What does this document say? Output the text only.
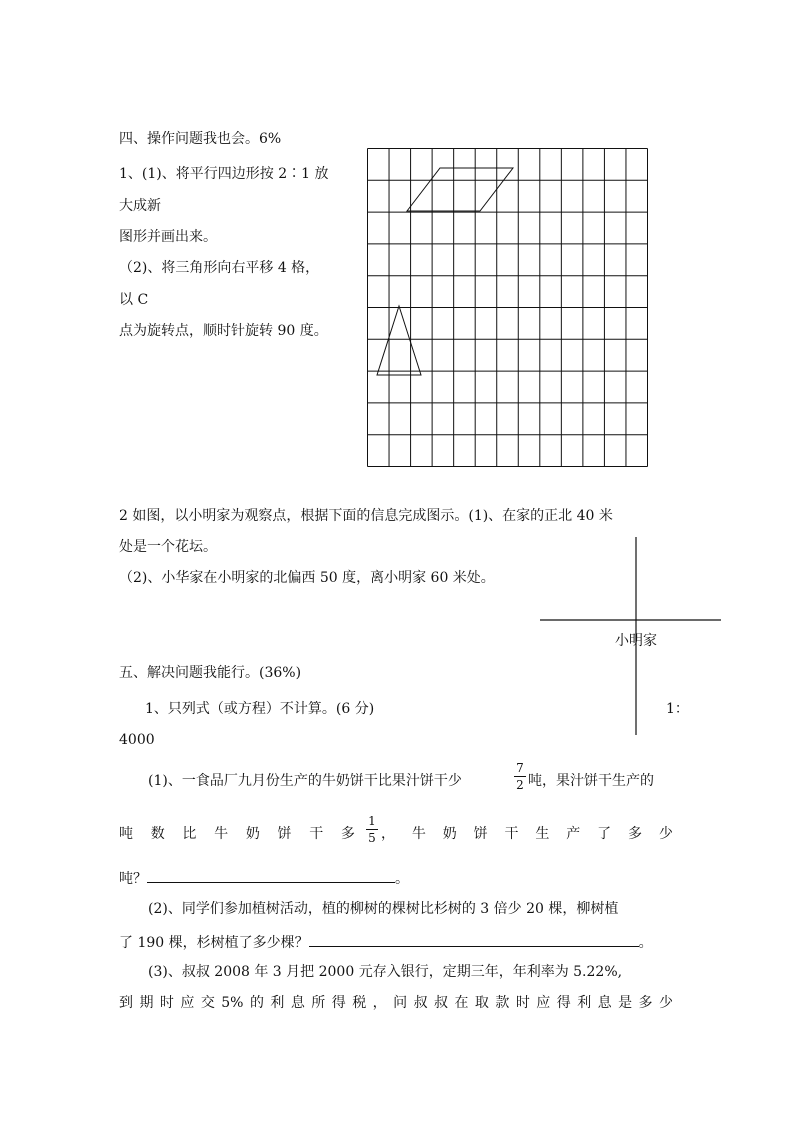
四、操作问题我也会。6%
1、(1)、将平行四边形按 2∶1 放
大成新
图形并画出来。
（2)、将三角形向右平移 4 格，
以 C
点为旋转点，顺时针旋转 90 度。
2 如图，以小明家为观察点，根据下面的信息完成图示。(1)、在家的正北 40 米
处是一个花坛。
（2)、小华家在小明家的北偏西 50 度，离小明家 60 米处。
小明家
1：
五、解决问题我能行。(36%)
1、只列式（或方程）不计算。(6 分)
4000
(1)、一食品厂九月份生产的牛奶饼干比果汁饼干少
7
2 吨，果汁饼干生产的
吨 数 比 牛 奶 饼 干 多
1
5 ， 牛 奶 饼 干 生 产 了 多 少
吨？	。
(2)、同学们参加植树活动，植的柳树的棵树比杉树的 3 倍少 20 棵，柳树植
了 190 棵，杉树植了多少棵？	。
(3)、叔叔 2008 年 3 月把 2000 元存入银行，定期三年，年利率为 5.22%,
到 期 时 应 交 5% 的 利 息 所 得 税 ， 问 叔 叔 在 取 款 时 应 得 利 息 是 多 少
